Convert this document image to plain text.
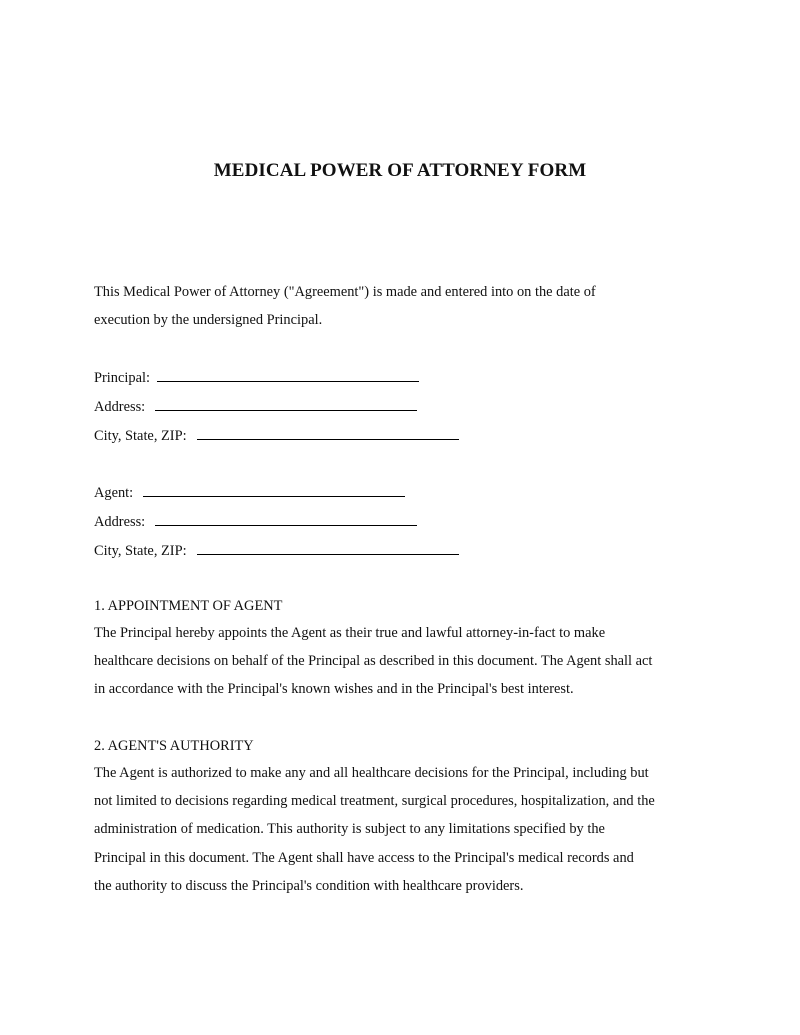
MEDICAL POWER OF ATTORNEY FORM
This Medical Power of Attorney ("Agreement") is made and entered into on the date of
execution by the undersigned Principal.
Principal:
Address:
City, State, ZIP:
Agent:
Address:
City, State, ZIP:
1. APPOINTMENT OF AGENT
The Principal hereby appoints the Agent as their true and lawful attorney-in-fact to make
healthcare decisions on behalf of the Principal as described in this document. The Agent shall act
in accordance with the Principal's known wishes and in the Principal's best interest.
2. AGENT'S AUTHORITY
The Agent is authorized to make any and all healthcare decisions for the Principal, including but
not limited to decisions regarding medical treatment, surgical procedures, hospitalization, and the
administration of medication. This authority is subject to any limitations specified by the
Principal in this document. The Agent shall have access to the Principal's medical records and
the authority to discuss the Principal's condition with healthcare providers.
